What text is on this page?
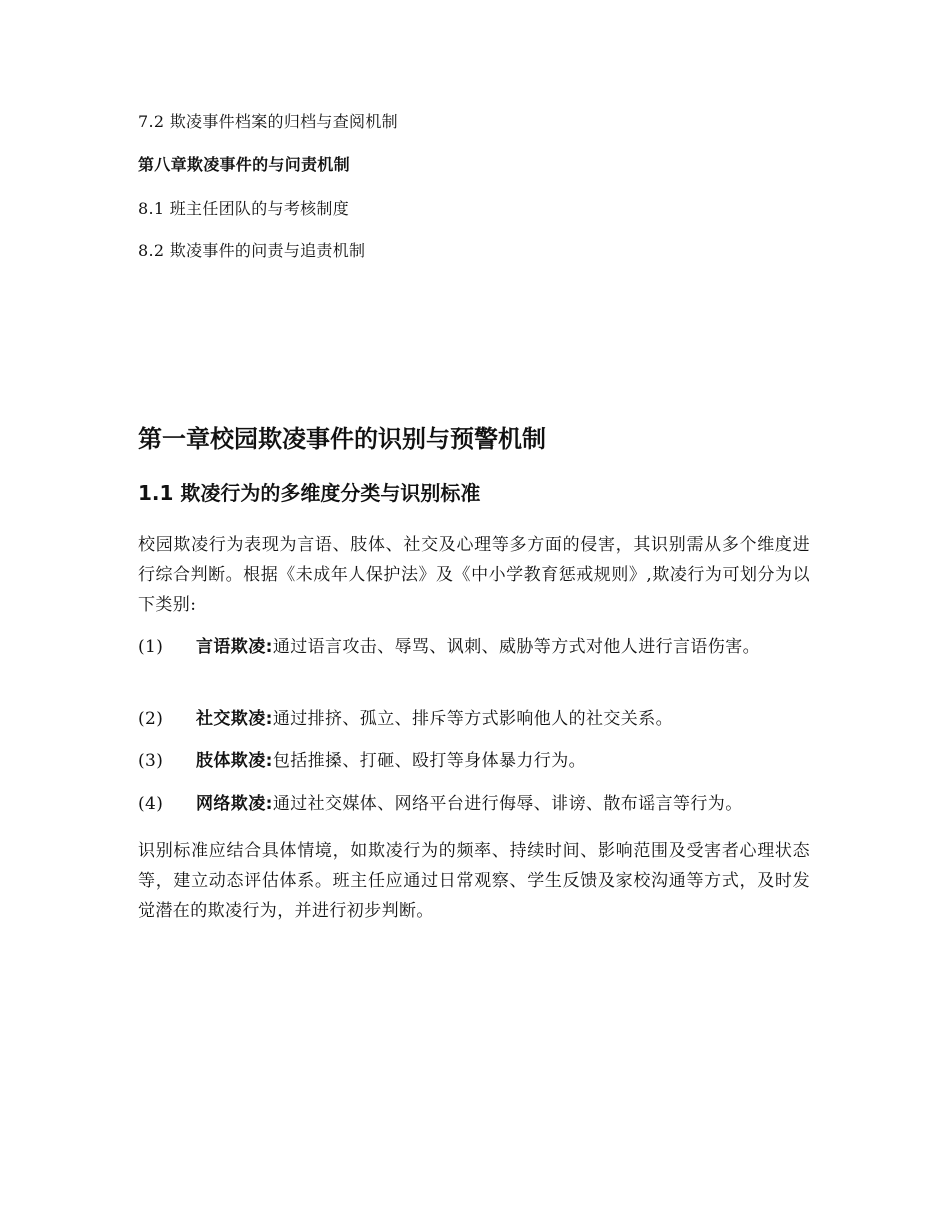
7.2 欺凌事件档案的归档与查阅机制
第八章欺凌事件的与问责机制
8.1 班主任团队的与考核制度
8.2 欺凌事件的问责与追责机制
第一章校园欺凌事件的识别与预警机制
1.1 欺凌行为的多维度分类与识别标准
校园欺凌行为表现为言语、肢体、社交及心理等多方面的侵害，其识别需从多个维度进行综合判断。根据《未成年人保护法》及《中小学教育惩戒规则》,欺凌行为可划分为以下类别:
(1) 言语欺凌:通过语言攻击、辱骂、讽刺、威胁等方式对他人进行言语伤害。
(2) 社交欺凌:通过排挤、孤立、排斥等方式影响他人的社交关系。
(3) 肢体欺凌:包括推搡、打砸、殴打等身体暴力行为。
(4) 网络欺凌:通过社交媒体、网络平台进行侮辱、诽谤、散布谣言等行为。
识别标准应结合具体情境，如欺凌行为的频率、持续时间、影响范围及受害者心理状态等，建立动态评估体系。班主任应通过日常观察、学生反馈及家校沟通等方式，及时发觉潜在的欺凌行为，并进行初步判断。
